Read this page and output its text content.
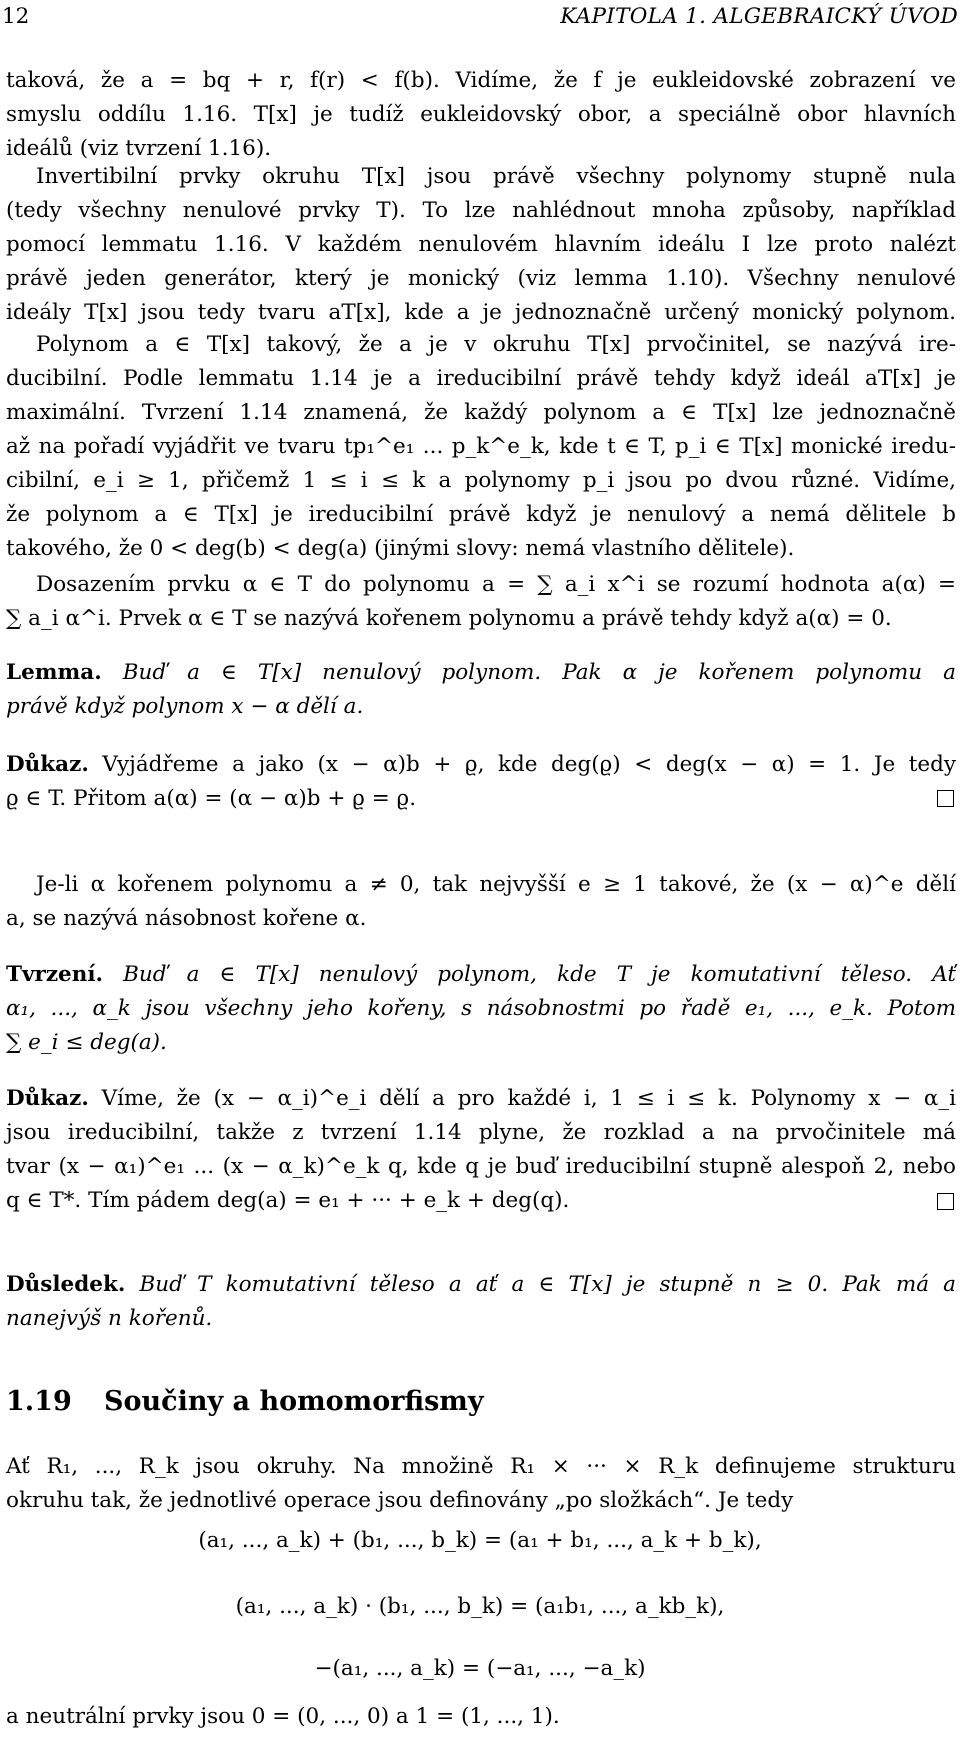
12	KAPITOLA 1. ALGEBRAICKÝ ÚVOD
taková, že a = bq + r, f(r) < f(b). Vidíme, že f je eukleidovské zobrazení ve
smyslu oddílu 1.16. T[x] je tudíž eukleidovský obor, a speciálně obor hlavních
ideálů (viz tvrzení 1.16).
Invertibilní prvky okruhu T[x] jsou právě všechny polynomy stupně nula
(tedy všechny nenulové prvky T). To lze nahlédnout mnoha způsoby, například
pomocí lemmatu 1.16. V každém nenulovém hlavním ideálu I lze proto nalézt
právě jeden generátor, který je monický (viz lemma 1.10). Všechny nenulové
ideály T[x] jsou tedy tvaru aT[x], kde a je jednoznačně určený monický polynom.
Polynom a ∈ T[x] takový, že a je v okruhu T[x] prvočinitel, se nazývá ire-
ducibilní. Podle lemmatu 1.14 je a ireducibilní právě tehdy když ideál aT[x] je
maximální. Tvrzení 1.14 znamená, že každý polynom a ∈ T[x] lze jednoznačně
až na pořadí vyjádřit ve tvaru tp₁^e₁ ... p_k^e_k, kde t ∈ T, p_i ∈ T[x] monické iredu-
cibilní, e_i ≥ 1, přičemž 1 ≤ i ≤ k a polynomy p_i jsou po dvou různé. Vidíme,
že polynom a ∈ T[x] je ireducibilní právě když je nenulový a nemá dělitele b
takového, že 0 < deg(b) < deg(a) (jinými slovy: nemá vlastního dělitele).
Dosazením prvku α ∈ T do polynomu a = ∑ a_i x^i se rozumí hodnota a(α) =
∑ a_i α^i. Prvek α ∈ T se nazývá kořenem polynomu a právě tehdy když a(α) = 0.
Lemma. Buď a ∈ T[x] nenulový polynom. Pak α je kořenem polynomu a
právě když polynom x − α dělí a.
Důkaz. Vyjádřeme a jako (x − α)b + ϱ, kde deg(ϱ) < deg(x − α) = 1. Je tedy
ϱ ∈ T. Přitom a(α) = (α − α)b + ϱ = ϱ.
Je-li α kořenem polynomu a ≠ 0, tak nejvyšší e ≥ 1 takové, že (x − α)^e dělí
a, se nazývá násobnost kořene α.
Tvrzení. Buď a ∈ T[x] nenulový polynom, kde T je komutativní těleso. Ať
α₁, ..., α_k jsou všechny jeho kořeny, s násobnostmi po řadě e₁, ..., e_k. Potom
∑ e_i ≤ deg(a).
Důkaz. Víme, že (x − α_i)^e_i dělí a pro každé i, 1 ≤ i ≤ k. Polynomy x − α_i
jsou ireducibilní, takže z tvrzení 1.14 plyne, že rozklad a na prvočinitele má
tvar (x − α₁)^e₁ ... (x − α_k)^e_k q, kde q je buď ireducibilní stupně alespoň 2, nebo
q ∈ T*. Tím pádem deg(a) = e₁ + ··· + e_k + deg(q).
Důsledek. Buď T komutativní těleso a ať a ∈ T[x] je stupně n ≥ 0. Pak má a
nanejvýš n kořenů.
1.19 Součiny a homomorfismy
Ať R₁, ..., R_k jsou okruhy. Na množině R₁ × ··· × R_k definujeme strukturu
okruhu tak, že jednotlivé operace jsou definovány „po složkách“. Je tedy
(a₁, ..., a_k) + (b₁, ..., b_k) = (a₁ + b₁, ..., a_k + b_k),
(a₁, ..., a_k) · (b₁, ..., b_k) = (a₁b₁, ..., a_kb_k),
−(a₁, ..., a_k) = (−a₁, ..., −a_k)
a neutrální prvky jsou 0 = (0, ..., 0) a 1 = (1, ..., 1).
